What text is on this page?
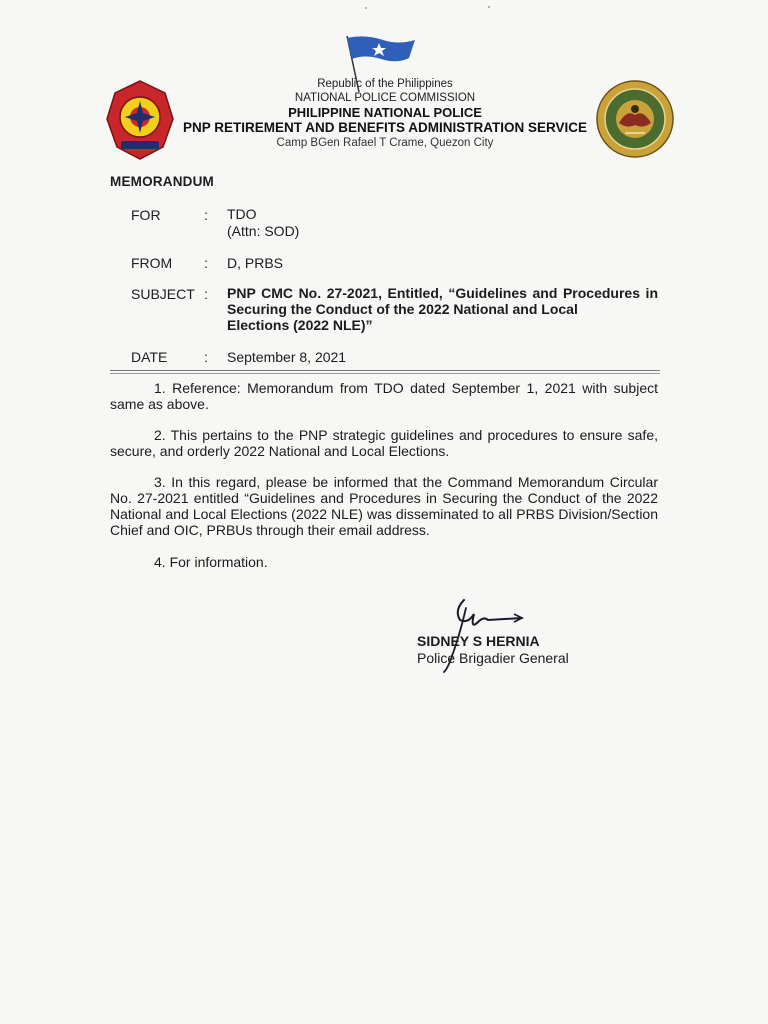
Republic of the Philippines
NATIONAL POLICE COMMISSION
PHILIPPINE NATIONAL POLICE
PNP RETIREMENT AND BENEFITS ADMINISTRATION SERVICE
Camp BGen Rafael T Crame, Quezon City
MEMORANDUM
FOR	: TDO
(Attn: SOD)
FROM : D, PRBS
SUBJECT : PNP CMC No. 27-2021, Entitled, “Guidelines and Procedures in Securing the Conduct of the 2022 National and Local
Elections (2022 NLE)”
DATE	: September 8, 2021
1. Reference: Memorandum from TDO dated September 1, 2021 with subject same as above.
2. This pertains to the PNP strategic guidelines and procedures to ensure safe, secure, and orderly 2022 National and Local Elections.
3. In this regard, please be informed that the Command Memorandum Circular No. 27-2021 entitled “Guidelines and Procedures in Securing the Conduct of the 2022 National and Local Elections (2022 NLE) was disseminated to all PRBS Division/Section Chief and OIC, PRBUs through their email address.
4. For information.
SIDNEY S HERNIA
Police Brigadier General
